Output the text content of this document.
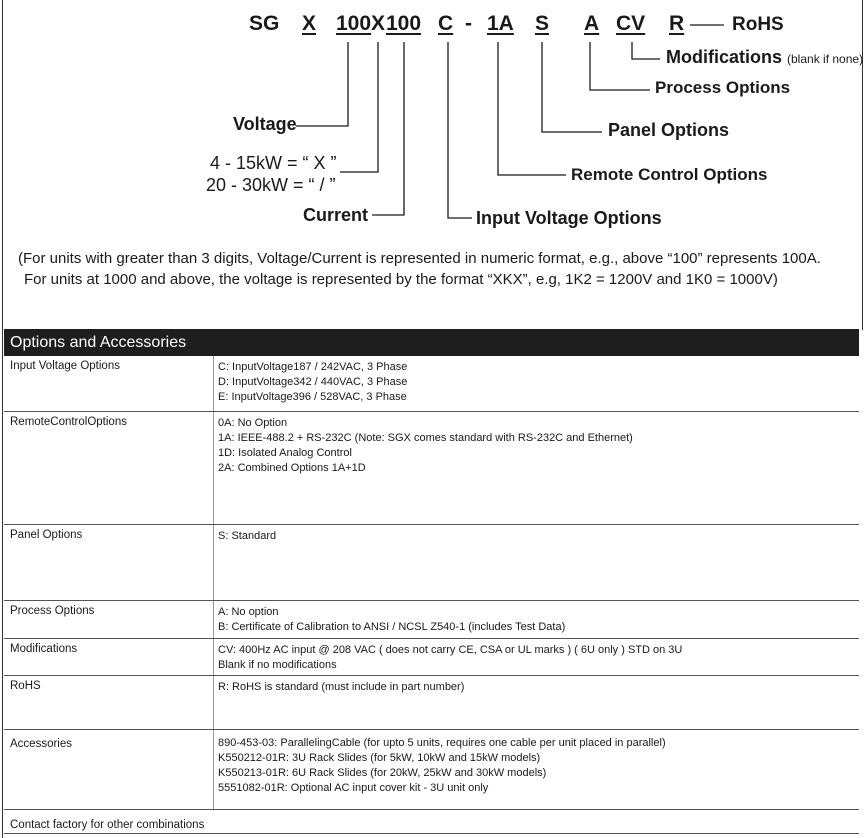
SG X 100 X 100 C - 1A S A CV R	RoHS
Modifications (blank if none)
Process Options
Panel Options
Voltage
Remote Control Options
4 - 15kW = “ X ”
20 - 30kW = “ / ”
Current	Input Voltage Options
(For units with greater than 3 digits, Voltage/Current is represented in numeric format, e.g., above “100” represents 100A.
For units at 1000 and above, the voltage is represented by the format “XKX”, e.g, 1K2 = 1200V and 1K0 = 1000V)
Options and Accessories
Input Voltage Options	C: InputVoltage187 / 242VAC, 3 Phase
D: InputVoltage342 / 440VAC, 3 Phase
E: InputVoltage396 / 528VAC, 3 Phase
RemoteControlOptions	0A: No Option
1A: IEEE-488.2 + RS-232C (Note: SGX comes standard with RS-232C and Ethernet)
1D: Isolated Analog Control
2A: Combined Options 1A+1D
Panel Options	S: Standard
Process Options	A: No option
B: Certificate of Calibration to ANSI / NCSL Z540-1 (includes Test Data)
Modifications	CV: 400Hz AC input @ 208 VAC ( does not carry CE, CSA or UL marks ) ( 6U only ) STD on 3U
Blank if no modifications
RoHS	R: RoHS is standard (must include in part number)
Accessories	890-453-03: ParallelingCable (for upto 5 units, requires one cable per unit placed in parallel)
K550212-01R: 3U Rack Slides (for 5kW, 10kW and 15kW models)
K550213-01R: 6U Rack Slides (for 20kW, 25kW and 30kW models)
5551082-01R: Optional AC input cover kit - 3U unit only
Contact factory for other combinations
